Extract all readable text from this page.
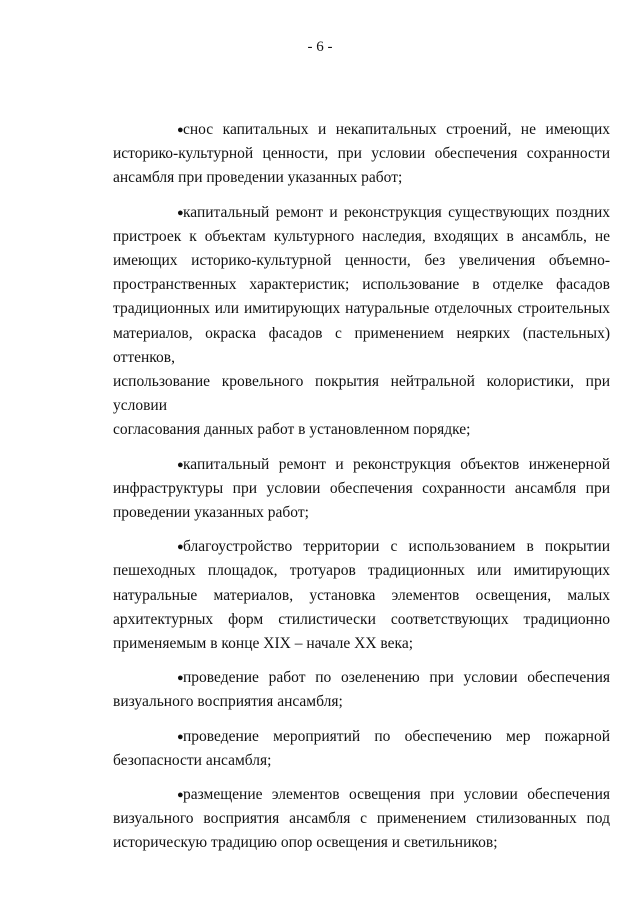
- 6 -
● снос капитальных и некапитальных строений, не имеющих
историко-культурной ценности, при условии обеспечения сохранности
ансамбля при проведении указанных работ;
● капитальный ремонт и реконструкция существующих поздних
пристроек к объектам культурного наследия, входящих в ансамбль, не
имеющих историко-культурной ценности, без увеличения объемно-
пространственных характеристик; использование в отделке фасадов
традиционных или имитирующих натуральные отделочных строительных
материалов, окраска фасадов с применением неярких (пастельных) оттенков,
использование кровельного покрытия нейтральной колористики, при условии
согласования данных работ в установленном порядке;
● капитальный ремонт и реконструкция объектов инженерной
инфраструктуры при условии обеспечения сохранности ансамбля при
проведении указанных работ;
● благоустройство территории с использованием в покрытии
пешеходных площадок, тротуаров традиционных или имитирующих
натуральные материалов, установка элементов освещения, малых
архитектурных форм стилистически соответствующих традиционно
применяемым в конце XIX – начале XX века;
● проведение работ по озеленению при условии обеспечения
визуального восприятия ансамбля;
● проведение мероприятий по обеспечению мер пожарной
безопасности ансамбля;
● размещение элементов освещения при условии обеспечения
визуального восприятия ансамбля с применением стилизованных под
историческую традицию опор освещения и светильников;
